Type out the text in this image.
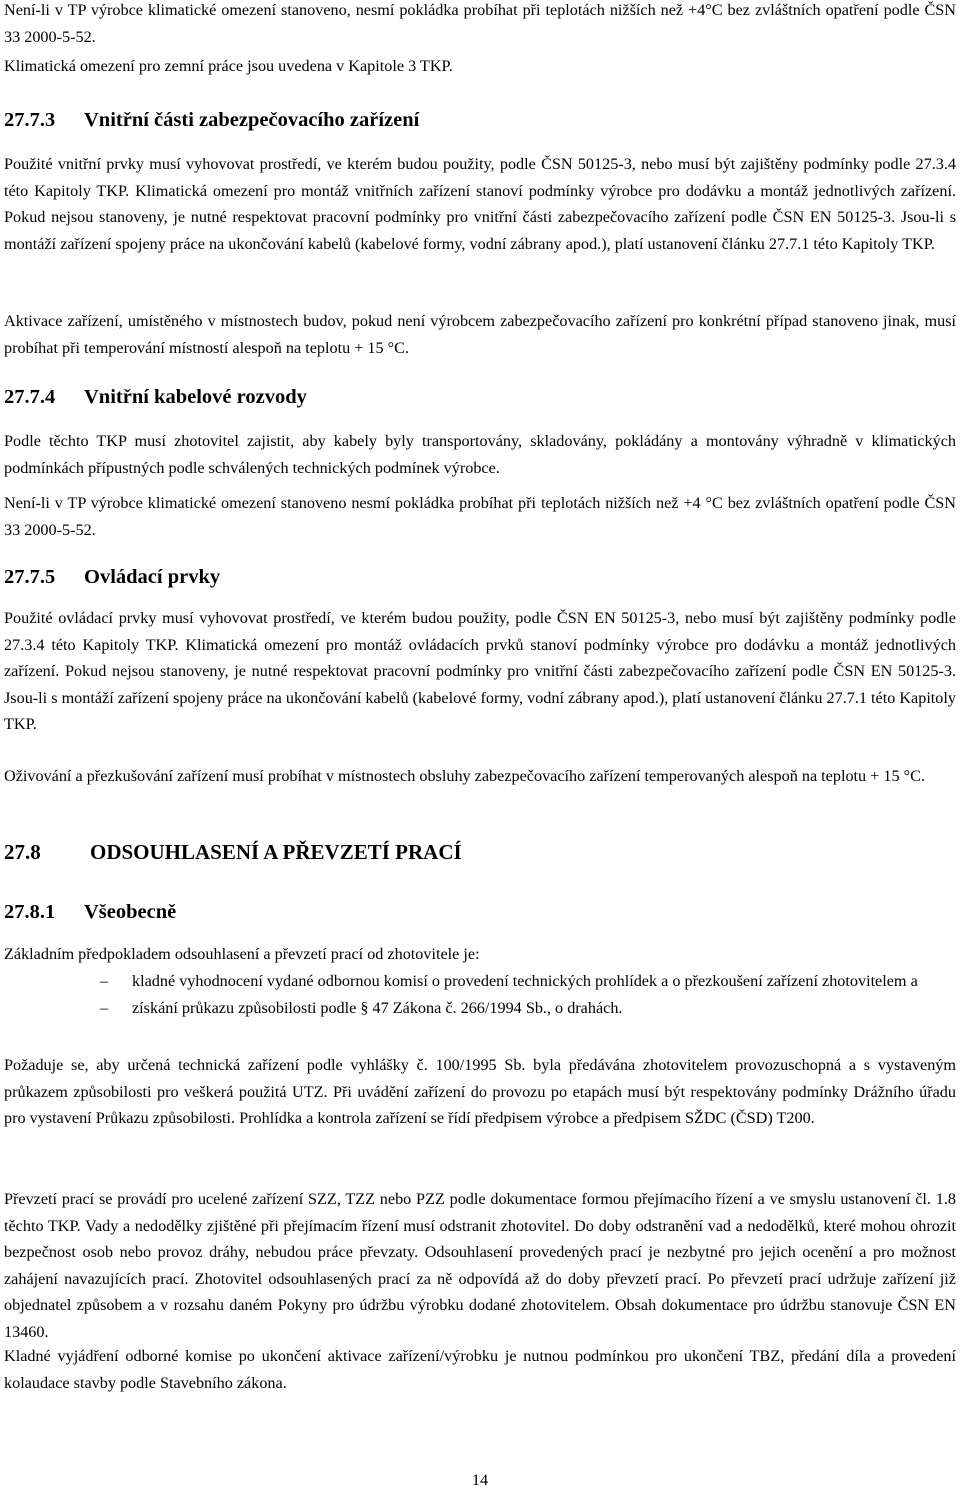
Není-li v TP výrobce klimatické omezení stanoveno, nesmí pokládka probíhat při teplotách nižších než +4°C bez zvláštních opatření podle ČSN 33 2000-5-52.

Klimatická omezení pro zemní práce jsou uvedena v Kapitole 3 TKP.

27.7.3 Vnitřní části zabezpečovacího zařízení

Použité vnitřní prvky musí vyhovovat prostředí, ve kterém budou použity, podle ČSN 50125-3, nebo musí být zajištěny podmínky podle 27.3.4 této Kapitoly TKP. Klimatická omezení pro montáž vnitřních zařízení stanoví podmínky výrobce pro dodávku a montáž jednotlivých zařízení. Pokud nejsou stanoveny, je nutné respektovat pracovní podmínky pro vnitřní části zabezpečovacího zařízení podle ČSN EN 50125-3. Jsou-li s montáží zařízení spojeny práce na ukončování kabelů (kabelové formy, vodní zábrany apod.), platí ustanovení článku 27.7.1 této Kapitoly TKP.

Aktivace zařízení, umístěného v místnostech budov, pokud není výrobcem zabezpečovacího zařízení pro konkrétní případ stanoveno jinak, musí probíhat při temperování místností alespoň na teplotu + 15 °C.

27.7.4 Vnitřní kabelové rozvody

Podle těchto TKP musí zhotovitel zajistit, aby kabely byly transportovány, skladovány, pokládány a montovány výhradně v klimatických podmínkách přípustných podle schválených technických podmínek výrobce.

Není-li v TP výrobce klimatické omezení stanoveno nesmí pokládka probíhat při teplotách nižších než +4 °C bez zvláštních opatření podle ČSN 33 2000-5-52.

27.7.5 Ovládací prvky

Použité ovládací prvky musí vyhovovat prostředí, ve kterém budou použity, podle ČSN EN 50125-3, nebo musí být zajištěny podmínky podle 27.3.4 této Kapitoly TKP. Klimatická omezení pro montáž ovládacích prvků stanoví podmínky výrobce pro dodávku a montáž jednotlivých zařízení. Pokud nejsou stanoveny, je nutné respektovat pracovní podmínky pro vnitřní části zabezpečovacího zařízení podle ČSN EN 50125-3. Jsou-li s montáží zařízení spojeny práce na ukončování kabelů (kabelové formy, vodní zábrany apod.), platí ustanovení článku 27.7.1 této Kapitoly TKP.

Oživování a přezkušování zařízení musí probíhat v místnostech obsluhy zabezpečovacího zařízení temperovaných alespoň na teplotu + 15 °C.

27.8 ODSOUHLASENÍ A PŘEVZETÍ PRACÍ
27.8.1 Všeobecně

Základním předpokladem odsouhlasení a převzetí prací od zhotovitele je:

– kladné vyhodnocení vydané odbornou komisí o provedení technických prohlídek a o přezkoušení zařízení zhotovitelem a
– získání průkazu způsobilosti podle § 47 Zákona č. 266/1994 Sb., o drahách.

Požaduje se, aby určená technická zařízení podle vyhlášky č. 100/1995 Sb. byla předávána zhotovitelem provozuschopná a s vystaveným průkazem způsobilosti pro veškerá použitá UTZ. Při uvádění zařízení do provozu po etapách musí být respektovány podmínky Drážního úřadu pro vystavení Průkazu způsobilosti. Prohlídka a kontrola zařízení se řídí předpisem výrobce a předpisem SŽDC (ČSD) T200.

Převzetí prací se provádí pro ucelené zařízení SZZ, TZZ nebo PZZ podle dokumentace formou přejímacího řízení a ve smyslu ustanovení čl. 1.8 těchto TKP. Vady a nedodělky zjištěné při přejímacím řízení musí odstranit zhotovitel. Do doby odstranění vad a nedodělků, které mohou ohrozit bezpečnost osob nebo provoz dráhy, nebudou práce převzaty. Odsouhlasení provedených prací je nezbytné pro jejich ocenění a pro možnost zahájení navazujících prací. Zhotovitel odsouhlasených prací za ně odpovídá až do doby převzetí prací. Po převzetí prací udržuje zařízení již objednatel způsobem a v rozsahu daném Pokyny pro údržbu výrobku dodané zhotovitelem. Obsah dokumentace pro údržbu stanovuje ČSN EN 13460.

Kladné vyjádření odborné komise po ukončení aktivace zařízení/výrobku je nutnou podmínkou pro ukončení TBZ, předání díla a provedení kolaudace stavby podle Stavebního zákona.

14
